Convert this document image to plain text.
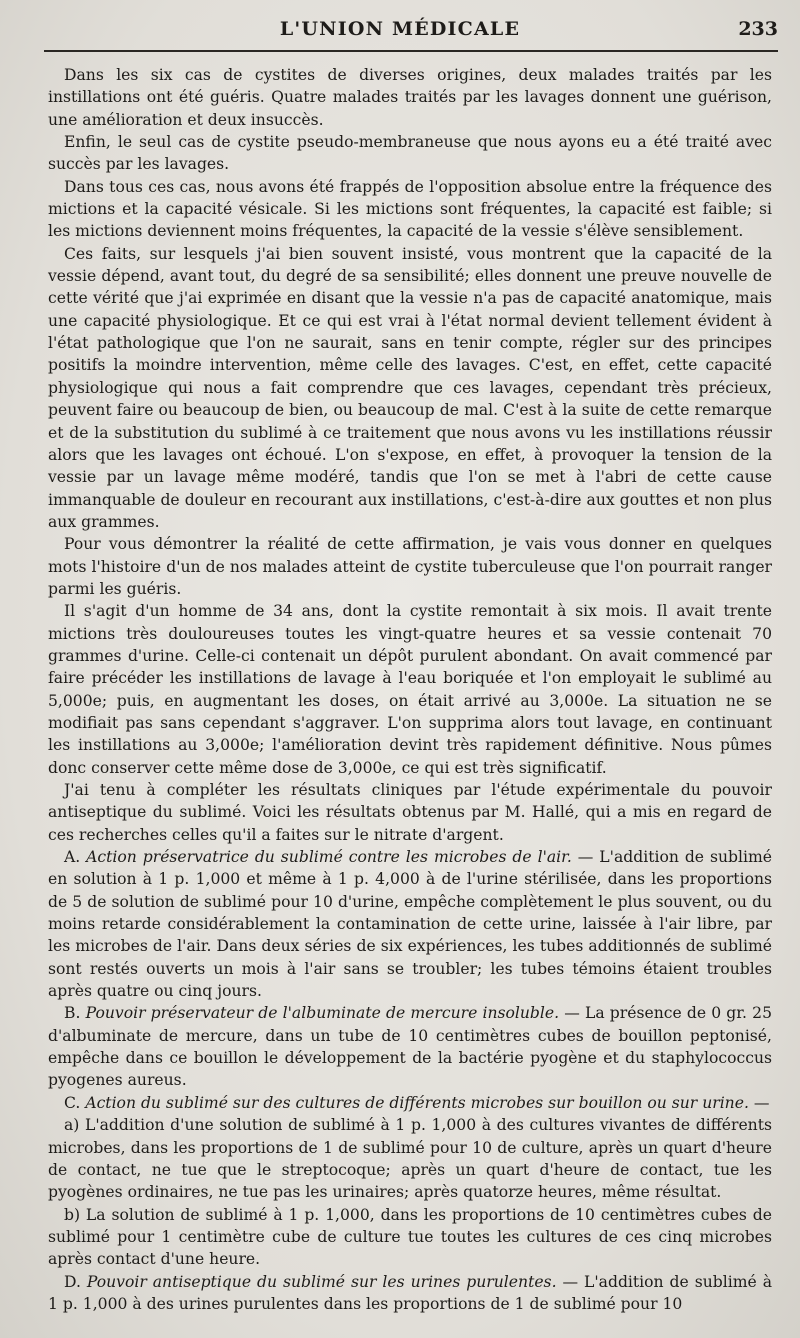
L'UNION MÉDICALE	233

Dans les six cas de cystites de diverses origines, deux malades traités par les instillations ont été guéris. Quatre malades traités par les lavages donnent une guérison, une amélioration et deux insuccès.

Enfin, le seul cas de cystite pseudo-membraneuse que nous ayons eu a été traité avec succès par les lavages.

Dans tous ces cas, nous avons été frappés de l'opposition absolue entre la fréquence des mictions et la capacité vésicale. Si les mictions sont fréquentes, la capacité est faible; si les mictions deviennent moins fréquentes, la capacité de la vessie s'élève sensiblement.

Ces faits, sur lesquels j'ai bien souvent insisté, vous montrent que la capacité de la vessie dépend, avant tout, du degré de sa sensibilité; elles donnent une preuve nouvelle de cette vérité que j'ai exprimée en disant que la vessie n'a pas de capacité anatomique, mais une capacité physiologique. Et ce qui est vrai à l'état normal devient tellement évident à l'état pathologique que l'on ne saurait, sans en tenir compte, régler sur des principes positifs la moindre intervention, même celle des lavages. C'est, en effet, cette capacité physiologique qui nous a fait comprendre que ces lavages, cependant très précieux, peuvent faire ou beaucoup de bien, ou beaucoup de mal. C'est à la suite de cette remarque et de la substitution du sublimé à ce traitement que nous avons vu les instillations réussir alors que les lavages ont échoué. L'on s'expose, en effet, à provoquer la tension de la vessie par un lavage même modéré, tandis que l'on se met à l'abri de cette cause immanquable de douleur en recourant aux instillations, c'est-à-dire aux gouttes et non plus aux grammes.

Pour vous démontrer la réalité de cette affirmation, je vais vous donner en quelques mots l'histoire d'un de nos malades atteint de cystite tuberculeuse que l'on pourrait ranger parmi les guéris.

Il s'agit d'un homme de 34 ans, dont la cystite remontait à six mois. Il avait trente mictions très douloureuses toutes les vingt-quatre heures et sa vessie contenait 70 grammes d'urine. Celle-ci contenait un dépôt purulent abondant. On avait commencé par faire précéder les instillations de lavage à l'eau boriquée et l'on employait le sublimé au 5,000e; puis, en augmentant les doses, on était arrivé au 3,000e. La situation ne se modifiait pas sans cependant s'aggraver. L'on supprima alors tout lavage, en continuant les instillations au 3,000e; l'amélioration devint très rapidement définitive. Nous pûmes donc conserver cette même dose de 3,000e, ce qui est très significatif.

J'ai tenu à compléter les résultats cliniques par l'étude expérimentale du pouvoir antiseptique du sublimé. Voici les résultats obtenus par M. Hallé, qui a mis en regard de ces recherches celles qu'il a faites sur le nitrate d'argent.

A. Action préservatrice du sublimé contre les microbes de l'air. — L'addition de sublimé en solution à 1 p. 1,000 et même à 1 p. 4,000 à de l'urine stérilisée, dans les proportions de 5 de solution de sublimé pour 10 d'urine, empêche complètement le plus souvent, ou du moins retarde considérablement la contamination de cette urine, laissée à l'air libre, par les microbes de l'air. Dans deux séries de six expériences, les tubes additionnés de sublimé sont restés ouverts un mois à l'air sans se troubler; les tubes témoins étaient troubles après quatre ou cinq jours.

B. Pouvoir préservateur de l'albuminate de mercure insoluble. — La présence de 0 gr. 25 d'albuminate de mercure, dans un tube de 10 centimètres cubes de bouillon peptonisé, empêche dans ce bouillon le développement de la bactérie pyogène et du staphylococcus pyogenes aureus.

C. Action du sublimé sur des cultures de différents microbes sur bouillon ou sur urine. —

a) L'addition d'une solution de sublimé à 1 p. 1,000 à des cultures vivantes de différents microbes, dans les proportions de 1 de sublimé pour 10 de culture, après un quart d'heure de contact, ne tue que le streptocoque; après un quart d'heure de contact, tue les pyogènes ordinaires, ne tue pas les urinaires; après quatorze heures, même résultat.

b) La solution de sublimé à 1 p. 1,000, dans les proportions de 10 centimètres cubes de sublimé pour 1 centimètre cube de culture tue toutes les cultures de ces cinq microbes après contact d'une heure.

D. Pouvoir antiseptique du sublimé sur les urines purulentes. — L'addition de sublimé à 1 p. 1,000 à des urines purulentes dans les proportions de 1 de sublimé pour 10
